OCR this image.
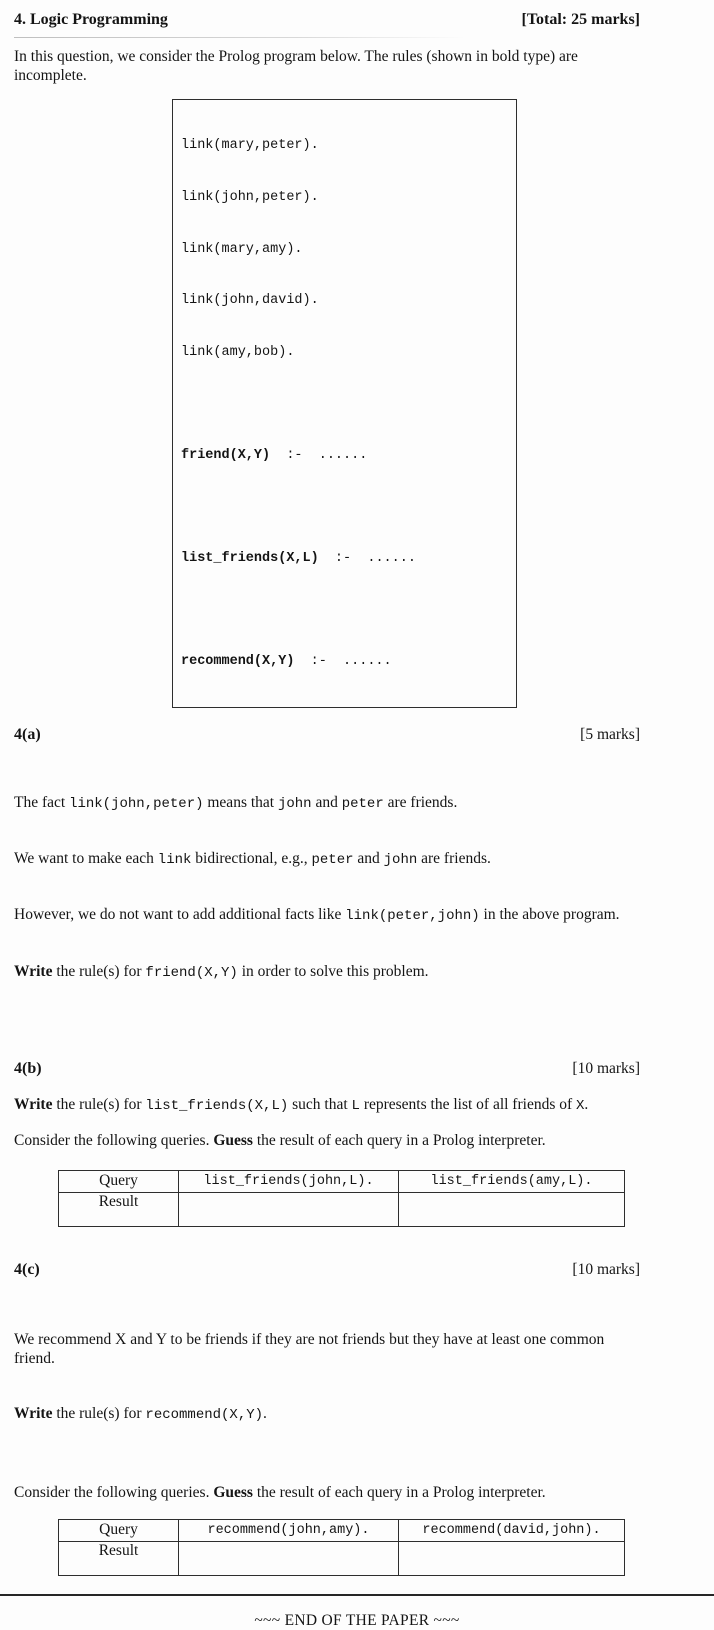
4. Logic Programming	[Total: 25 marks]
In this question, we consider the Prolog program below. The rules (shown in bold type) are incomplete.

link(mary,peter).

link(john,peter).

link(mary,amy).

link(john,david).

link(amy,bob).

friend(X,Y)  :-  ......

list_friends(X,L)  :-  ......

recommend(X,Y)  :-  ......

4(a)	[5 marks]

The fact link(john,peter) means that john and peter are friends.

We want to make each link bidirectional, e.g., peter and john are friends.

However, we do not want to add additional facts like link(peter,john) in the above program.

Write the rule(s) for friend(X,Y) in order to solve this problem.

4(b)	[10 marks]
Write the rule(s) for list_friends(X,L) such that L represents the list of all friends of X.
Consider the following queries. Guess the result of each query in a Prolog interpreter.
Query	list_friends(john,L).	list_friends(amy,L).
Result		
4(c)	[10 marks]

We recommend X and Y to be friends if they are not friends but they have at least one common friend.

Write the rule(s) for recommend(X,Y).

Consider the following queries. Guess the result of each query in a Prolog interpreter.
Query	recommend(john,amy).	recommend(david,john).
Result		
~~~ END OF THE PAPER ~~~
